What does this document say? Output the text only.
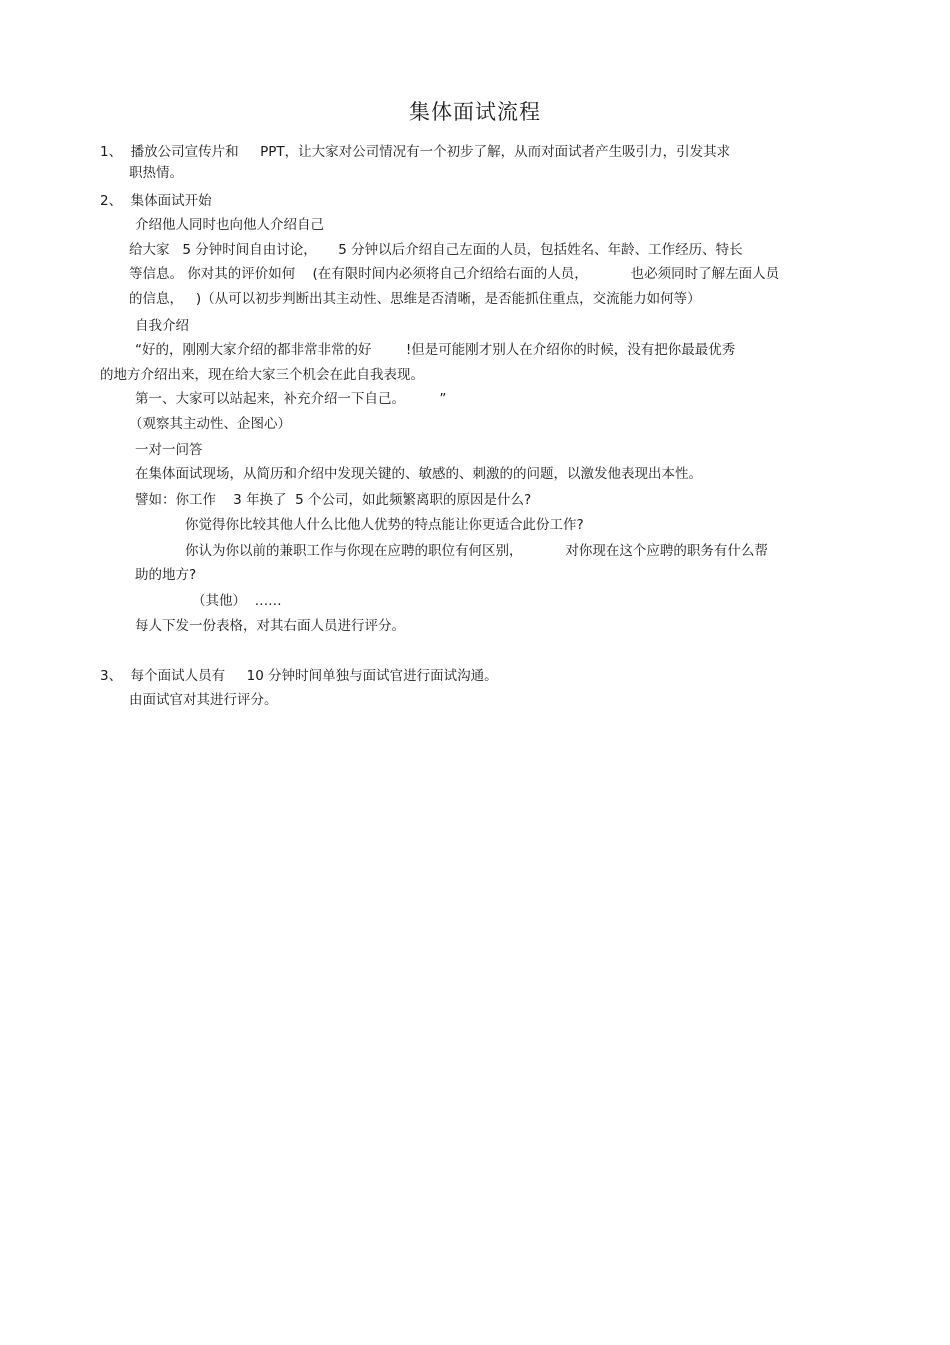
集体面试流程
1、  播放公司宣传片和     PPT，让大家对公司情况有一个初步了解，从而对面试者产生吸引力，引发其求
职热情。
2、  集体面试开始
介绍他人同时也向他人介绍自己
给大家   5 分钟时间自由讨论，     5 分钟以后介绍自己左面的人员，包括姓名、年龄、工作经历、特长
等信息。 你对其的评价如何    (在有限时间内必须将自己介绍给右面的人员，          也必须同时了解左面人员
的信息，   )（从可以初步判断出其主动性、思维是否清晰，是否能抓住重点，交流能力如何等）
自我介绍
“好的，刚刚大家介绍的都非常非常的好        !但是可能刚才别人在介绍你的时候，没有把你最最优秀
的地方介绍出来，现在给大家三个机会在此自我表现。
第一、大家可以站起来，补充介绍一下自己。        ”
（观察其主动性、企图心）
一对一问答
在集体面试现场，从简历和介绍中发现关键的、敏感的、刺激的的问题，以激发他表现出本性。
譬如：你工作    3 年换了  5 个公司，如此频繁离职的原因是什么?
你觉得你比较其他人什么比他人优势的特点能让你更适合此份工作?
你认为你以前的兼职工作与你现在应聘的职位有何区别，          对你现在这个应聘的职务有什么帮
助的地方?
（其他）  ……
每人下发一份表格，对其右面人员进行评分。
3、  每个面试人员有     10 分钟时间单独与面试官进行面试沟通。
由面试官对其进行评分。
